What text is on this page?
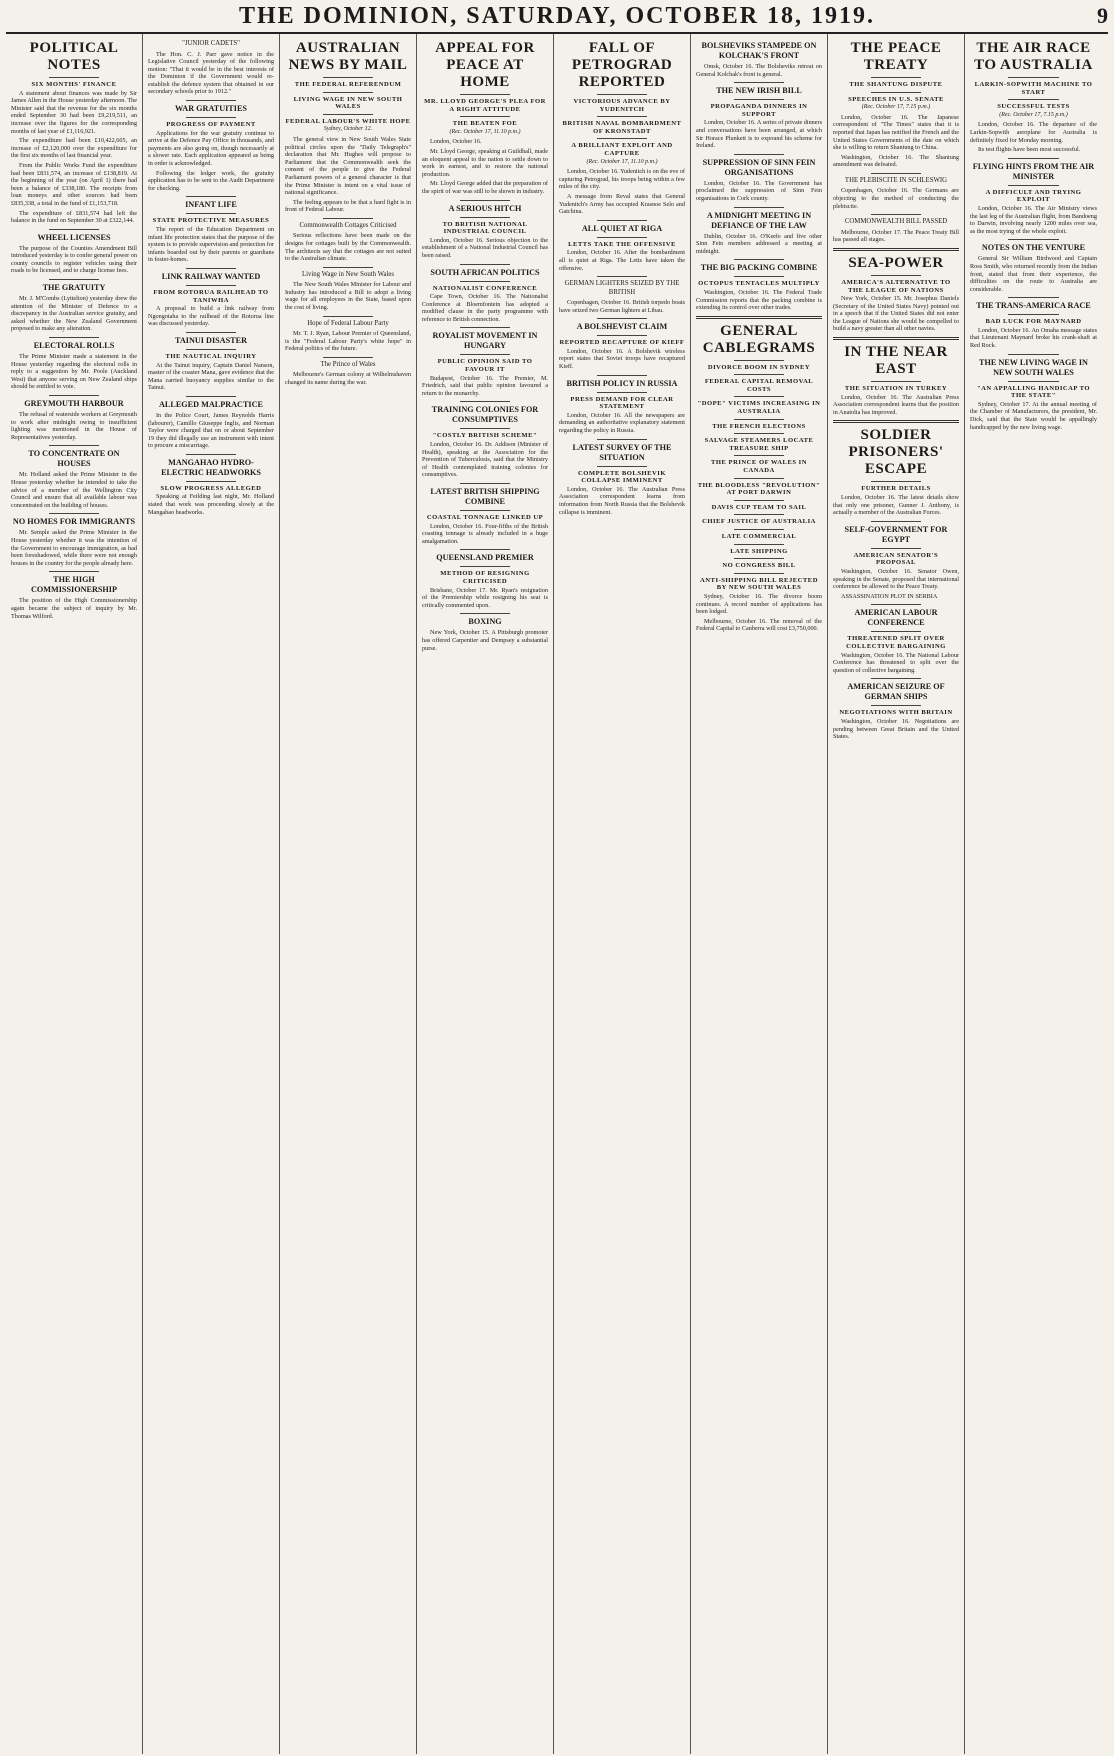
THE DOMINION, SATURDAY, OCTOBER 18, 1919.	9
POLITICAL NOTES
SIX MONTHS' FINANCE

A statement about finances was made by Sir James Allen in the House yesterday afternoon. The Minister said that the revenue for the six months ended September 30 had been £9,219,511, an increase over the figures for the corresponding months of last year of £1,116,921.

The expenditure had been £10,422,605, an increase of £2,120,000 over the expenditure for the first six months of last financial year.

From the Public Works Fund the expenditure had been £831,574, an increase of £138,819. At the beginning of the year (on April 1) there had been a balance of £338,180. The receipts from loan moneys and other sources had been £835,338, a total in the fund of £1,153,718.

The expenditure of £831,574 had left the balance in the fund on September 30 at £322,144.

WHEEL LICENSES

The purpose of the Counties Amendment Bill introduced yesterday is to confer general power on county councils to register vehicles using their roads to be licensed, and to charge license fees.

THE GRATUITY

Mr. J. M'Combs (Lyttelton) yesterday drew the attention of the Minister of Defence to a discrepancy in the Australian service gratuity, and asked whether the New Zealand Government proposed to make any alteration.

ELECTORAL ROLLS

The Prime Minister made a statement in the House yesterday regarding the electoral rolls in reply to a suggestion by Mr. Poole (Auckland West) that anyone serving on New Zealand ships should be entitled to vote.

GREYMOUTH HARBOUR

The refusal of waterside workers at Greymouth to work after midnight owing to insufficient lighting was mentioned in the House of Representatives yesterday.

TO CONCENTRATE ON HOUSES

Mr. Holland asked the Prime Minister in the House yesterday whether he intended to take the advice of a member of the Wellington City Council and ensure that all available labour was concentrated on the building of houses.

NO HOMES FOR IMMIGRANTS

Mr. Semple asked the Prime Minister in the House yesterday whether it was the intention of the Government to encourage immigration, as had been foreshadowed, while there were not enough houses in the country for the people already here.

THE HIGH COMMISSIONERSHIP

The position of the High Commissionership again became the subject of inquiry by Mr. Thomas Wilford.

"JUNIOR CADETS"

The Hon. C. J. Parr gave notice in the Legislative Council yesterday of the following motion: "That it would be in the best interests of the Dominion if the Government would re-establish the defence system that obtained in our secondary schools prior to 1912."

WAR GRATUITIES
PROGRESS OF PAYMENT

Applications for the war gratuity continue to arrive at the Defence Pay Office in thousands, and payments are also going on, though necessarily at a slower rate. Each application appeared as being in order is acknowledged.

Following the ledger work, the gratuity application has to be sent to the Audit Department for checking.

INFANT LIFE
STATE PROTECTIVE MEASURES

The report of the Education Department on infant life protection states that the purpose of the system is to provide supervision and protection for infants boarded out by their parents or guardians in foster-homes.

LINK RAILWAY WANTED
FROM ROTORUA RAILHEAD TO TANIWHA

A proposal to build a link railway from Ngongotaha to the railhead of the Rotorua line was discussed yesterday.

TAINUI DISASTER
THE NAUTICAL INQUIRY

At the Tainui inquiry, Captain Daniel Nanson, master of the coaster Mana, gave evidence that the Mana carried buoyancy supplies similar to the Tainui.

ALLEGED MALPRACTICE

In the Police Court, James Reynolds Harris (labourer), Camillo Giuseppe Inglis, and Norman Taylor were charged that on or about September 19 they did illegally use an instrument with intent to procure a miscarriage.

MANGAHAO HYDRO-ELECTRIC HEADWORKS
SLOW PROGRESS ALLEGED

Speaking at Feilding last night, Mr. Holland stated that work was proceeding slowly at the Mangahao headworks.

AUSTRALIAN NEWS BY MAIL
THE FEDERAL REFERENDUM
LIVING WAGE IN NEW SOUTH WALES
FEDERAL LABOUR'S WHITE HOPE
Sydney, October 12.

The general view in New South Wales State political circles upon the "Daily Telegraph's" declaration that Mr. Hughes will propose to Parliament that the Commonwealth seek the consent of the people to give the Federal Parliament powers of a general character is that the Prime Minister is intent on a vital issue of national significance.

The feeling appears to be that a hard fight is in front of Federal Labour.

Commonwealth Cottages Criticised

Serious reflections have been made on the designs for cottages built by the Commonwealth. The architects say that the cottages are not suited to the Australian climate.

Living Wage in New South Wales

The New South Wales Minister for Labour and Industry has introduced a Bill to adopt a living wage for all employees in the State, based upon the cost of living.

Hope of Federal Labour Party

Mr. T. J. Ryan, Labour Premier of Queensland, is the "Federal Labour Party's white hope" in Federal politics of the future.

The Prince of Wales

Melbourne's German colony at Wilhelmshaven changed its name during the war.

APPEAL FOR PEACE AT HOME
MR. LLOYD GEORGE'S PLEA FOR A RIGHT ATTITUDE
THE BEATEN FOE
(Rec. October 17, 11.10 p.m.)

London, October 16.

Mr. Lloyd George, speaking at Guildhall, made an eloquent appeal to the nation to settle down to work in earnest, and to restore the national production.

Mr. Lloyd George added that the preparation of the spirit of war was still to be shown in industry.

A SERIOUS HITCH
TO BRITISH NATIONAL INDUSTRIAL COUNCIL

London, October 16. Serious objection to the establishment of a National Industrial Council has been raised.

SOUTH AFRICAN POLITICS
NATIONALIST CONFERENCE

Cape Town, October 16. The Nationalist Conference at Bloemfontein has adopted a modified clause in the party programme with reference to British connection.

ROYALIST MOVEMENT IN HUNGARY
PUBLIC OPINION SAID TO FAVOUR IT

Budapest, October 16. The Premier, M. Friedrich, said that public opinion favoured a return to the monarchy.

TRAINING COLONIES FOR CONSUMPTIVES
"COSTLY BRITISH SCHEME"

London, October 16. Dr. Addison (Minister of Health), speaking at the Association for the Prevention of Tuberculosis, said that the Ministry of Health contemplated training colonies for consumptives.

LATEST BRITISH SHIPPING COMBINE
COASTAL TONNAGE LINKED UP

London, October 16. Four-fifths of the British coasting tonnage is already included in a huge amalgamation.

QUEENSLAND PREMIER
METHOD OF RESIGNING CRITICISED

Brisbane, October 17. Mr. Ryan's resignation of the Premiership while resigning his seat is critically commented upon.

BOXING

New York, October 15. A Pittsburgh promoter has offered Carpentier and Dempsey a substantial purse.

FALL OF PETROGRAD REPORTED
VICTORIOUS ADVANCE BY YUDENITCH
BRITISH NAVAL BOMBARDMENT OF KRONSTADT
A BRILLIANT EXPLOIT AND CAPTURE
(Rec. October 17, 11.10 p.m.)

London, October 16. Yudenitch is on the eve of capturing Petrograd, his troops being within a few miles of the city.

A message from Reval states that General Yudenitch's Army has occupied Krasnoe Selo and Gatchina.

ALL QUIET AT RIGA
LETTS TAKE THE OFFENSIVE

London, October 16. After the bombardment all is quiet at Riga. The Letts have taken the offensive.

GERMAN LIGHTERS SEIZED BY THE BRITISH

Copenhagen, October 16. British torpedo boats have seized two German lighters at Libau.

A BOLSHEVIST CLAIM
REPORTED RECAPTURE OF KIEFF

London, October 16. A Bolshevik wireless report states that Soviet troops have recaptured Kieff.

BRITISH POLICY IN RUSSIA
PRESS DEMAND FOR CLEAR STATEMENT

London, October 16. All the newspapers are demanding an authoritative explanatory statement regarding the policy in Russia.

LATEST SURVEY OF THE SITUATION
COMPLETE BOLSHEVIK COLLAPSE IMMINENT

London, October 16. The Australian Press Association correspondent learns from information from North Russia that the Bolshevik collapse is imminent.

BOLSHEVIKS STAMPEDE ON KOLCHAK'S FRONT

Omsk, October 16. The Bolsheviks retreat on General Kolchak's front is general.

THE NEW IRISH BILL
PROPAGANDA DINNERS IN SUPPORT

London, October 16. A series of private dinners and conversations have been arranged, at which Sir Horace Plunkett is to expound his scheme for Ireland.

SUPPRESSION OF SINN FEIN ORGANISATIONS

London, October 16. The Government has proclaimed the suppression of Sinn Fein organisations in Cork county.

A MIDNIGHT MEETING IN DEFIANCE OF THE LAW

Dublin, October 16. O'Keefe and five other Sinn Fein members addressed a meeting at midnight.

THE BIG PACKING COMBINE
OCTOPUS TENTACLES MULTIPLY

Washington, October 16. The Federal Trade Commission reports that the packing combine is extending its control over other trades.

GENERAL CABLEGRAMS
DIVORCE BOOM IN SYDNEY
FEDERAL CAPITAL REMOVAL COSTS
"DOPE" VICTIMS INCREASING IN AUSTRALIA
THE FRENCH ELECTIONS
SALVAGE STEAMERS LOCATE TREASURE SHIP
THE PRINCE OF WALES IN CANADA
THE BLOODLESS "REVOLUTION" AT PORT DARWIN
DAVIS CUP TEAM TO SAIL
CHIEF JUSTICE OF AUSTRALIA
LATE COMMERCIAL
LATE SHIPPING
NO CONGRESS BILL
ANTI-SHIPPING BILL REJECTED BY NEW SOUTH WALES

Sydney, October 16. The divorce boom continues. A record number of applications has been lodged.

Melbourne, October 16. The removal of the Federal Capital to Canberra will cost £3,750,000.

THE PEACE TREATY
THE SHANTUNG DISPUTE
SPEECHES IN U.S. SENATE
(Rec. October 17, 7.15 p.m.)

London, October 16. The Japanese correspondent of "The Times" states that it is reported that Japan has notified the French and the United States Governments of the date on which she is willing to return Shantung to China.

Washington, October 16. The Shantung amendment was defeated.

THE PLEBISCITE IN SCHLESWIG

Copenhagen, October 16. The Germans are objecting to the method of conducting the plebiscite.

COMMONWEALTH BILL PASSED

Melbourne, October 17. The Peace Treaty Bill has passed all stages.

SEA-POWER
AMERICA'S ALTERNATIVE TO THE LEAGUE OF NATIONS

New York, October 15. Mr. Josephus Daniels (Secretary of the United States Navy) pointed out in a speech that if the United States did not enter the League of Nations she would be compelled to build a navy greater than all other navies.

IN THE NEAR EAST
THE SITUATION IN TURKEY

London, October 16. The Australian Press Association correspondent learns that the position in Anatolia has improved.

SOLDIER PRISONERS' ESCAPE
FURTHER DETAILS

London, October 16. The latest details show that only one prisoner, Gunner J. Anthony, is actually a member of the Australian Forces.

SELF-GOVERNMENT FOR EGYPT
AMERICAN SENATOR'S PROPOSAL

Washington, October 16. Senator Owen, speaking in the Senate, proposed that international conference be allowed to the Peace Treaty.

ASSASSINATION PLOT IN SERBIA

AMERICAN LABOUR CONFERENCE
THREATENED SPLIT OVER COLLECTIVE BARGAINING

Washington, October 16. The National Labour Conference has threatened to split over the question of collective bargaining.

AMERICAN SEIZURE OF GERMAN SHIPS
NEGOTIATIONS WITH BRITAIN

Washington, October 16. Negotiations are pending between Great Britain and the United States.

THE AIR RACE TO AUSTRALIA
LARKIN-SOPWITH MACHINE TO START
SUCCESSFUL TESTS
(Rec. October 17, 7.15 p.m.)

London, October 16. The departure of the Larkin-Sopwith aeroplane for Australia is definitely fixed for Monday morning.

Its test flights have been most successful.

FLYING HINTS FROM THE AIR MINISTER
A DIFFICULT AND TRYING EXPLOIT

London, October 16. The Air Ministry views the last leg of the Australian flight, from Bandoeng to Darwin, involving nearly 1200 miles over sea, as the most trying of the whole exploit.

NOTES ON THE VENTURE

General Sir William Birdwood and Captain Ross Smith, who returned recently from the Indian front, stated that from their experience, the difficulties on the route to Australia are considerable.

THE TRANS-AMERICA RACE
BAD LUCK FOR MAYNARD

London, October 16. An Omaha message states that Lieutenant Maynard broke his crank-shaft at Red Rock.

THE NEW LIVING WAGE IN NEW SOUTH WALES
"AN APPALLING HANDICAP TO THE STATE"

Sydney, October 17. At the annual meeting of the Chamber of Manufacturers, the president, Mr. Dick, said that the State would be appallingly handicapped by the new living wage.
